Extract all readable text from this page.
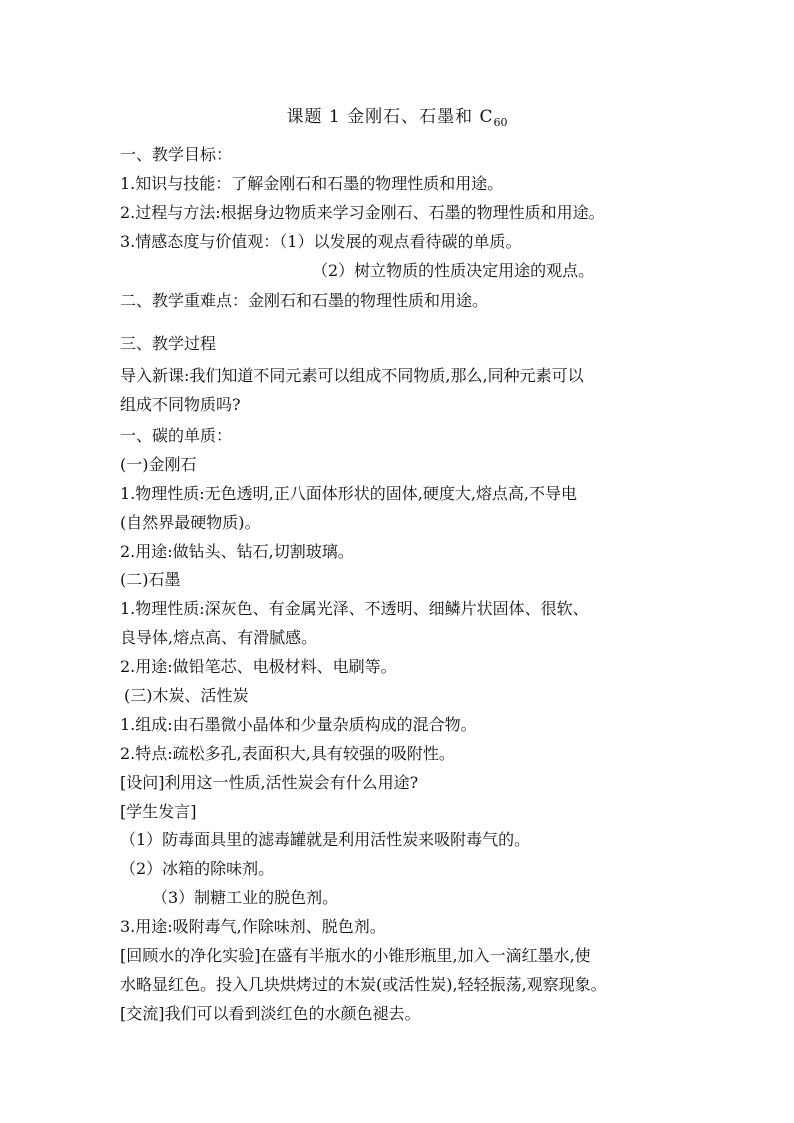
课题 1 金刚石、石墨和 $C_{60}$
一、教学目标：
1.知识与技能：了解金刚石和石墨的物理性质和用途。
2.过程与方法:根据身边物质来学习金刚石、石墨的物理性质和用途。
3.情感态度与价值观：（1）以发展的观点看待碳的单质。
（2）树立物质的性质决定用途的观点。
二、教学重难点：金刚石和石墨的物理性质和用途。
三、教学过程
导入新课:我们知道不同元素可以组成不同物质,那么,同种元素可以
组成不同物质吗?
一、碳的单质：
(一)金刚石
1.物理性质:无色透明,正八面体形状的固体,硬度大,熔点高,不导电
(自然界最硬物质)。
2.用途:做钻头、钻石,切割玻璃。
(二)石墨
1.物理性质:深灰色、有金属光泽、不透明、细鳞片状固体、很软、
良导体,熔点高、有滑腻感。
2.用途:做铅笔芯、电极材料、电刷等。
(三)木炭、活性炭
1.组成:由石墨微小晶体和少量杂质构成的混合物。
2.特点:疏松多孔,表面积大,具有较强的吸附性。
[设问]利用这一性质,活性炭会有什么用途?
[学生发言]
（1）防毒面具里的滤毒罐就是利用活性炭来吸附毒气的。
（2）冰箱的除味剂。
（3）制糖工业的脱色剂。
3.用途:吸附毒气,作除味剂、脱色剂。
[回顾水的净化实验]在盛有半瓶水的小锥形瓶里,加入一滴红墨水,使
水略显红色。投入几块烘烤过的木炭(或活性炭),轻轻振荡,观察现象。
[交流]我们可以看到淡红色的水颜色褪去。
